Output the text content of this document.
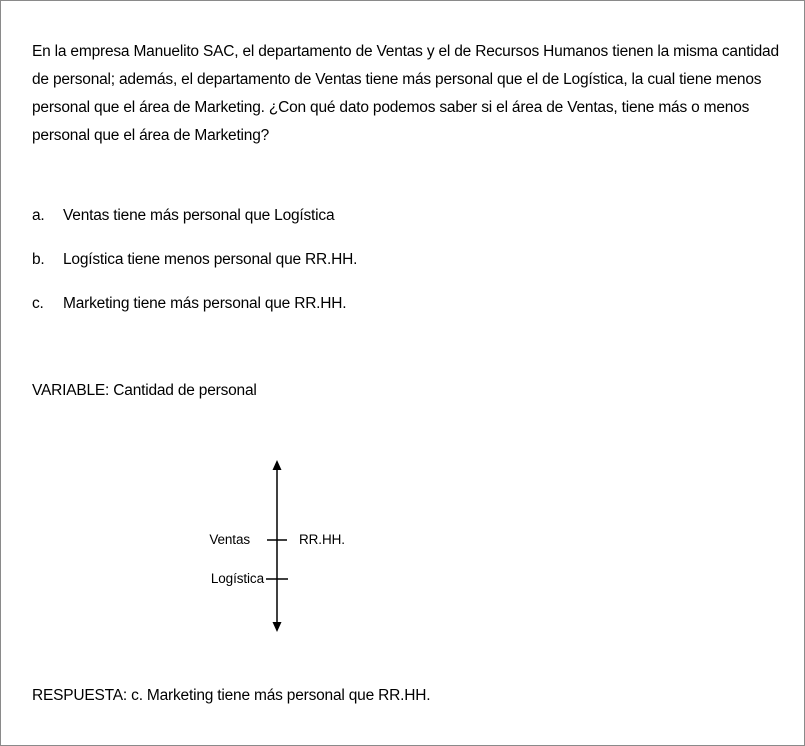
En la empresa Manuelito SAC, el departamento de Ventas y el de Recursos Humanos tienen la misma cantidad de personal; además, el departamento de Ventas tiene más personal que el de Logística, la cual tiene menos personal que el área de Marketing. ¿Con qué dato podemos saber si el área de Ventas, tiene más o menos personal que el área de Marketing?
a.	Ventas tiene más personal que Logística
b.	Logística tiene menos personal que RR.HH.
c.	Marketing tiene más personal que RR.HH.
VARIABLE: Cantidad de personal
Ventas	RR.HH.
Logística
RESPUESTA: c. Marketing tiene más personal que RR.HH.
